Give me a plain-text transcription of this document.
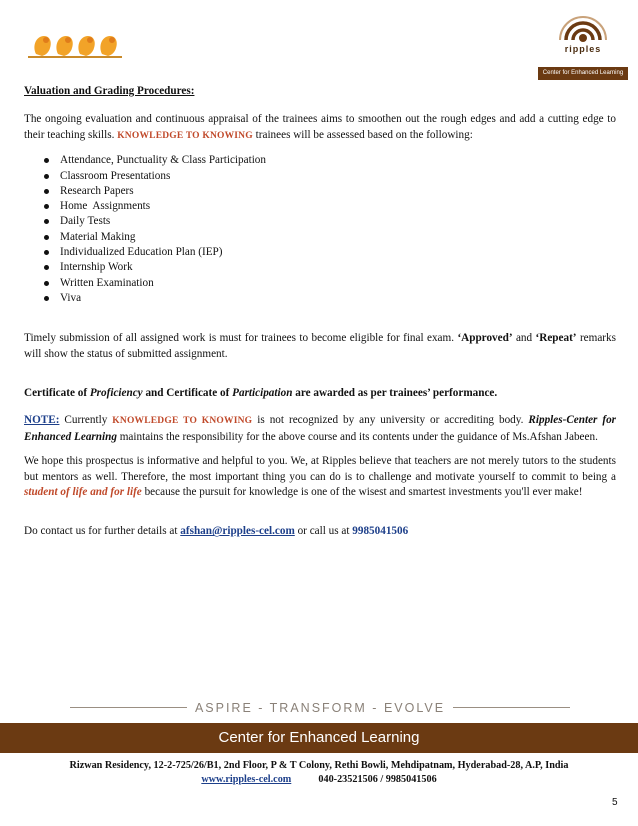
ripples
Center for Enhanced Learning

Valuation and Grading Procedures:

The ongoing evaluation and continuous appraisal of the trainees aims to smoothen out the rough edges and add a cutting edge to their teaching skills. KNOWLEDGE TO KNOWING trainees will be assessed based on the following:

Attendance, Punctuality & Class Participation
Classroom Presentations
Research Papers
Home  Assignments
Daily Tests
Material Making
Individualized Education Plan (IEP)
Internship Work
Written Examination
Viva

Timely submission of all assigned work is must for trainees to become eligible for final exam. ‘Approved’ and ‘Repeat’ remarks will show the status of submitted assignment.

Certificate of Proficiency and Certificate of Participation are awarded as per trainees’ performance.

NOTE: Currently KNOWLEDGE TO KNOWING is not recognized by any university or accrediting body. Ripples-Center for Enhanced Learning maintains the responsibility for the above course and its contents under the guidance of Ms.Afshan Jabeen.

We hope this prospectus is informative and helpful to you. We, at Ripples believe that teachers are not merely tutors to the students but mentors as well. Therefore, the most important thing you can do is to challenge and motivate yourself to commit to being a student of life and for life because the pursuit for knowledge is one of the wisest and smartest investments you'll ever make!

Do contact us for further details at afshan@ripples-cel.com or call us at 9985041506

ASPIRE - TRANSFORM - EVOLVE
Center for Enhanced Learning
Rizwan Residency, 12-2-725/26/B1, 2nd Floor, P & T Colony, Rethi Bowli, Mehdipatnam, Hyderabad-28, A.P, India
www.ripples-cel.com	040-23521506 / 9985041506
5
